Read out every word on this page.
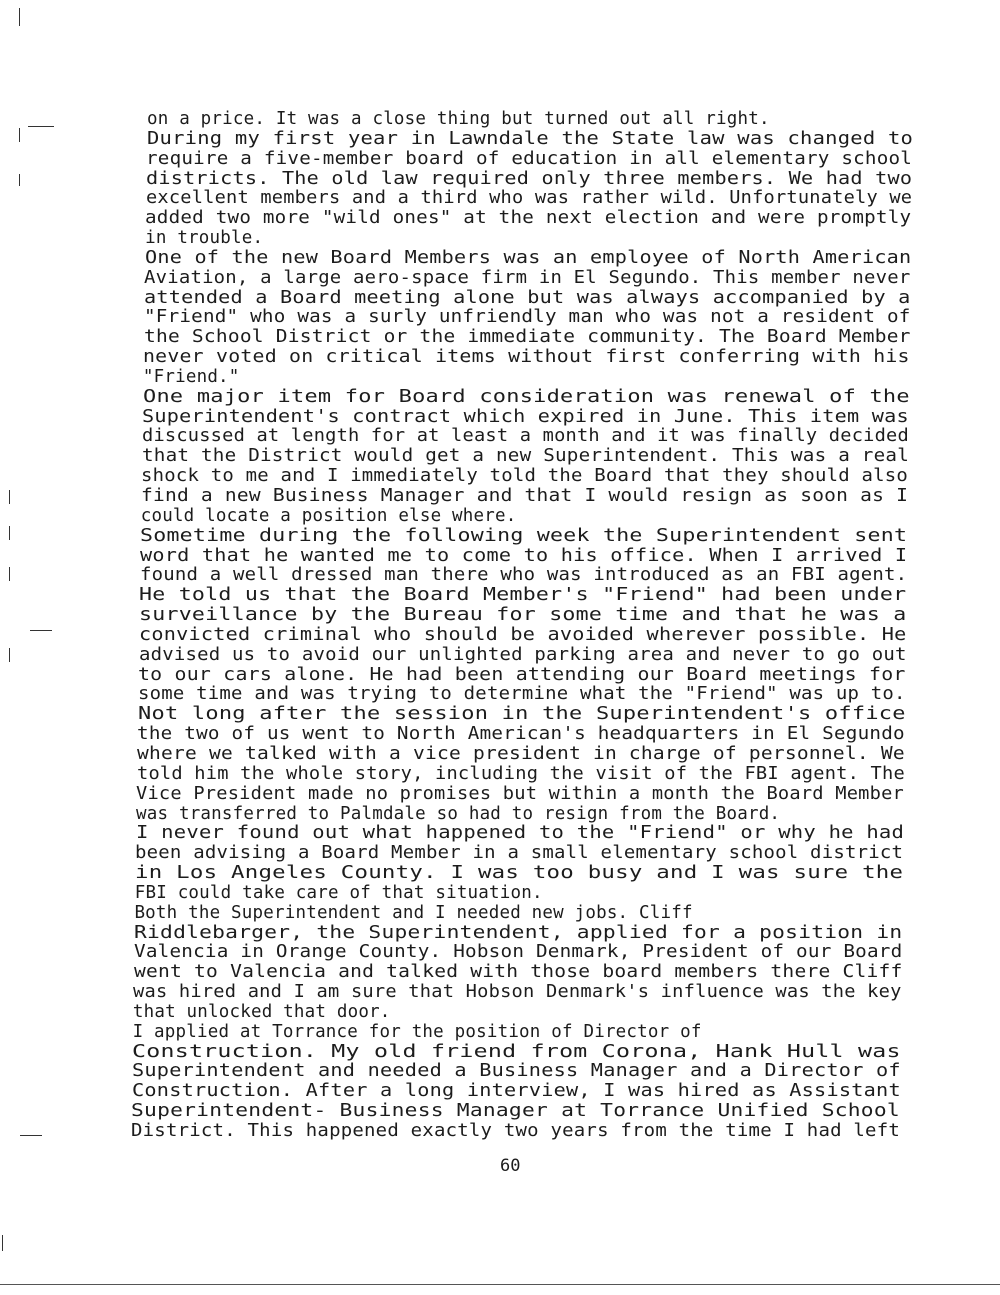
on a price. It was a close thing but turned out all right.
During my first year in Lawndale the State law was changed to
require a five-member board of education in all elementary school
districts. The old law required only three members. We had two
excellent members and a third who was rather wild. Unfortunately we
added two more "wild ones" at the next election and were promptly
in trouble.
One of the new Board Members was an employee of North American
Aviation, a large aero-space firm in El Segundo. This member never
attended a Board meeting alone but was always accompanied by a
"Friend" who was a surly unfriendly man who was not a resident of
the School District or the immediate community. The Board Member
never voted on critical items without first conferring with his
"Friend."
One major item for Board consideration was renewal of the
Superintendent's contract which expired in June. This item was
discussed at length for at least a month and it was finally decided
that the District would get a new Superintendent. This was a real
shock to me and I immediately told the Board that they should also
find a new Business Manager and that I would resign as soon as I
could locate a position else where.
Sometime during the following week the Superintendent sent
word that he wanted me to come to his office. When I arrived I
found a well dressed man there who was introduced as an FBI agent.
He told us that the Board Member's "Friend" had been under
surveillance by the Bureau for some time and that he was a
convicted criminal who should be avoided wherever possible. He
advised us to avoid our unlighted parking area and never to go out
to our cars alone. He had been attending our Board meetings for
some time and was trying to determine what the "Friend" was up to.
Not long after the session in the Superintendent's office
the two of us went to North American's headquarters in El Segundo
where we talked with a vice president in charge of personnel. We
told him the whole story, including the visit of the FBI agent. The
Vice President made no promises but within a month the Board Member
was transferred to Palmdale so had to resign from the Board.
I never found out what happened to the "Friend" or why he had
been advising a Board Member in a small elementary school district
in Los Angeles County. I was too busy and I was sure the
FBI could take care of that situation.
Both the Superintendent and I needed new jobs. Cliff
Riddlebarger, the Superintendent, applied for a position in
Valencia in Orange County. Hobson Denmark, President of our Board
went to Valencia and talked with those board members there Cliff
was hired and I am sure that Hobson Denmark's influence was the key
that unlocked that door.
I applied at Torrance for the position of Director of
Construction. My old friend from Corona, Hank Hull was
Superintendent and needed a Business Manager and a Director of
Construction. After a long interview, I was hired as Assistant
Superintendent- Business Manager at Torrance Unified School
District. This happened exactly two years from the time I had left
60
